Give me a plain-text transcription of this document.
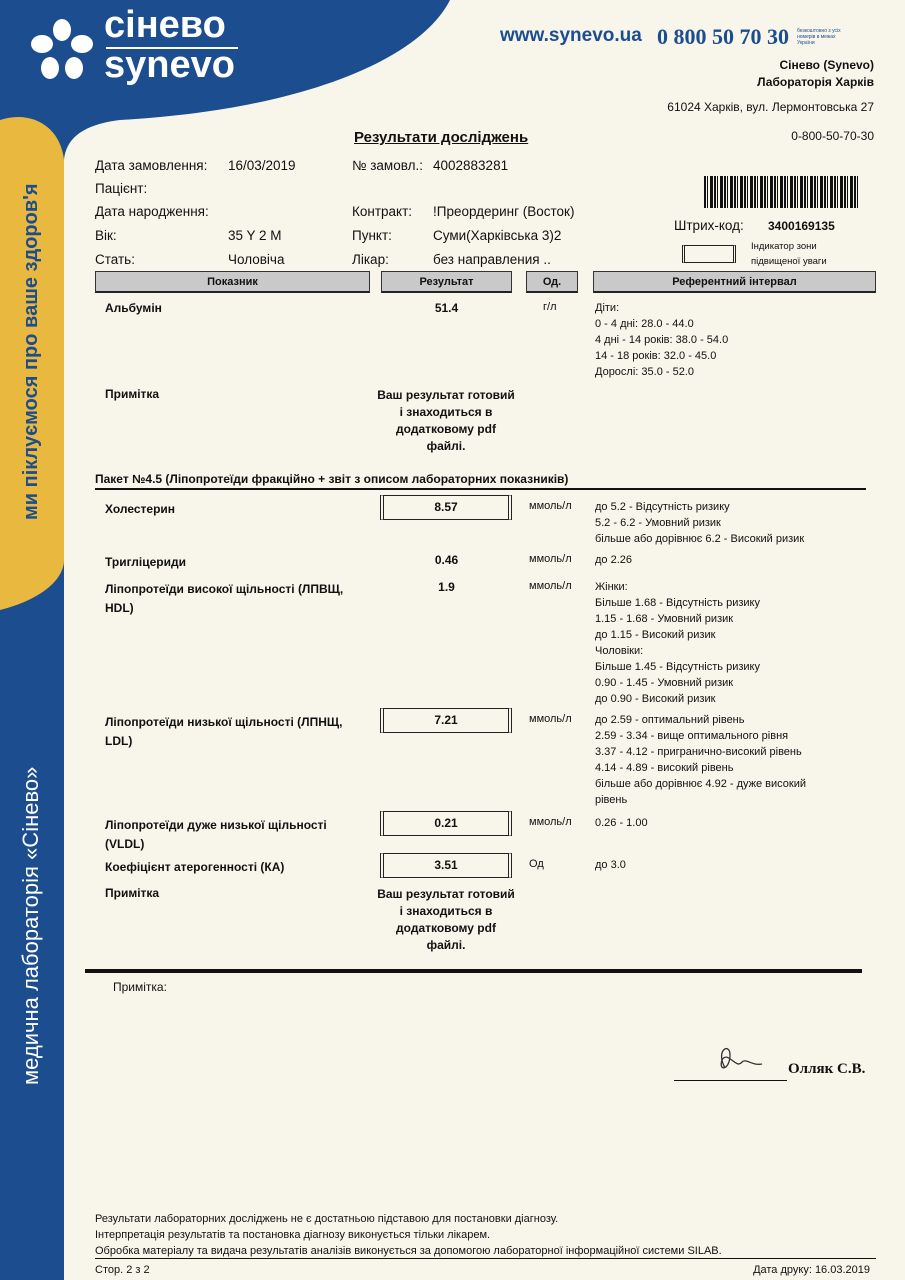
сінево
synevo
ми піклуємося про ваше здоров'я
медична лабораторія «Сінево»
www.synevo.ua 0 800 50 70 30 безкоштовно з усіх номерів в межах України
Сінево (Synevo)
Лабораторія Харків
61024 Харків, вул. Лермонтовська 27
0-800-50-70-30
Результати досліджень
Дата замовлення: 16/03/2019
Пацієнт:
Дата народження:
Вік:	35 Y 2 M
Стать:	Чоловіча
№ замовл.: 4002883281
Контракт: !Преордеринг (Восток)
Пункт:	Суми(Харківська 3)2
Лікар:	без направления ..
Штрих-код: 3400169135
Індикатор зони
підвищеної уваги
Показник	Результат	Од.	Референтний інтервал
Альбумін	51.4	г/л	Діти:
0 - 4 дні: 28.0 - 44.0
4 дні - 14 років: 38.0 - 54.0
14 - 18 років: 32.0 - 45.0
Дорослі: 35.0 - 52.0
Примітка	Ваш результат готовий і знаходиться в додатковому pdf файлі.
Пакет №4.5 (Ліпопротеїди фракційно + звіт з описом лабораторних показників)
Холестерин	8.57	ммоль/л до 5.2 - Відсутність ризику
5.2 - 6.2 - Умовний ризик
більше або дорівнює 6.2 - Високий ризик
Тригліцериди	0.46	ммоль/л до 2.26
Ліпопротеїди високої щільності (ЛПВЩ, HDL)
1.9	ммоль/л Жінки:
Більше 1.68 - Відсутність ризику
1.15 - 1.68 - Умовний ризик
до 1.15 - Високий ризик
Чоловіки:
Більше 1.45 - Відсутність ризику
0.90 - 1.45 - Умовний ризик
до 0.90 - Високий ризик
Ліпопротеїди низької щільності (ЛПНЩ, LDL)
7.21	ммоль/л до 2.59 - оптимальний рівень
2.59 - 3.34 - вище оптимального рівня
3.37 - 4.12 - пригранично-високий рівень
4.14 - 4.89 - високий рівень
більше або дорівнює 4.92 - дуже високий
рівень
Ліпопротеїди дуже низької щільності (VLDL)
0.21	ммоль/л 0.26 - 1.00
Коефіцієнт атерогенності (КА)	3.51	Од	до 3.0
Примітка	Ваш результат готовий і знаходиться в додатковому pdf файлі.
Примітка:
Олляк С.В.
Результати лабораторних досліджень не є достатньою підставою для постановки діагнозу.
Інтерпретація результатів та постановка діагнозу виконується тільки лікарем.
Обробка матеріалу та видача результатів аналізів виконується за допомогою лабораторної інформаційної системи SILAB.
Стор. 2 з 2	Дата друку: 16.03.2019
